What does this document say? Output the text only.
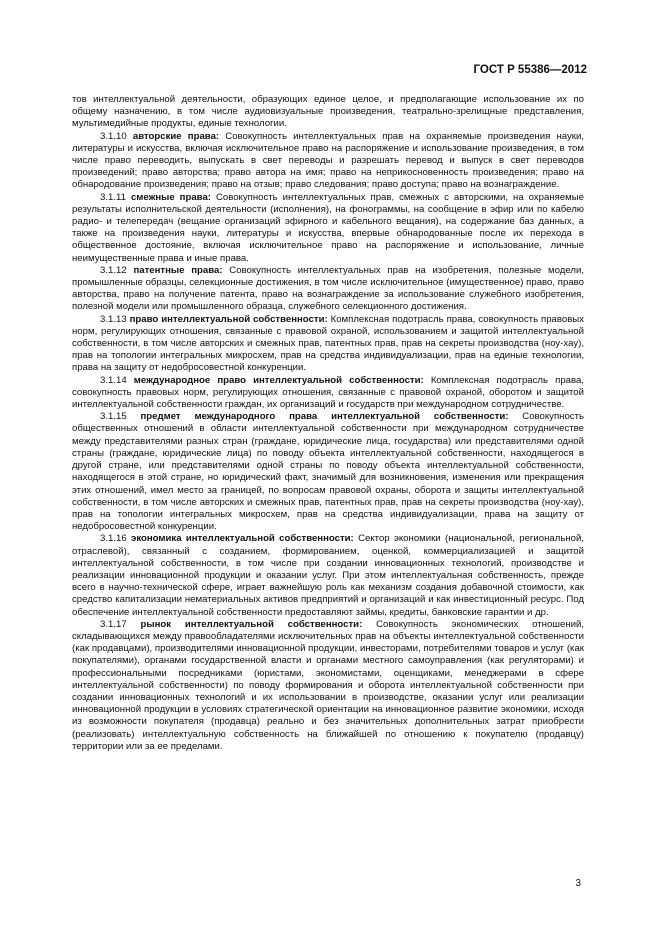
ГОСТ Р 55386—2012

тов интеллектуальной деятельности, образующих единое целое, и предполагающие использование их по общему назначению, в том числе аудиовизуальные произведения, театрально-зрелищные представления, мультимедийные продукты, единые технологии.

3.1.10 авторские права: Совокупность интеллектуальных прав на охраняемые произведения науки, литературы и искусства, включая исключительное право на распоряжение и использование произведения, в том числе право переводить, выпускать в свет переводы и разрешать перевод и выпуск в свет переводов произведений; право авторства; право автора на имя; право на неприкосновенность произведения; право на обнародование произведения; право на отзыв; право следования; право доступа; право на вознаграждение.

3.1.11 смежные права: Совокупность интеллектуальных прав, смежных с авторскими, на охраняемые результаты исполнительской деятельности (исполнения), на фонограммы, на сообщение в эфир или по кабелю радио- и телепередач (вещание организаций эфирного и кабельного вещания), на содержание баз данных, а также на произведения науки, литературы и искусства, впервые обнародованные после их перехода в общественное достояние, включая исключительное право на распоряжение и использование, личные неимущественные права и иные права.

3.1.12 патентные права: Совокупность интеллектуальных прав на изобретения, полезные модели, промышленные образцы, селекционные достижения, в том числе исключительное (имущественное) право, право авторства, право на получение патента, право на вознаграждение за использование служебного изобретения, полезной модели или промышленного образца, служебного селекционного достижения.

3.1.13 право интеллектуальной собственности: Комплексная подотрасль права, совокупность правовых норм, регулирующих отношения, связанные с правовой охраной, использованием и защитой интеллектуальной собственности, в том числе авторских и смежных прав, патентных прав, прав на секреты производства (ноу-хау), прав на топологии интегральных микросхем, прав на средства индивидуализации, прав на единые технологии, права на защиту от недобросовестной конкуренции.

3.1.14 международное право интеллектуальной собственности: Комплексная подотрасль права, совокупность правовых норм, регулирующих отношения, связанные с правовой охраной, оборотом и защитой интеллектуальной собственности граждан, их организаций и государств при международном сотрудничестве.

3.1.15 предмет международного права интеллектуальной собственности: Совокупность общественных отношений в области интеллектуальной собственности при международном сотрудничестве между представителями разных стран (граждане, юридические лица, государства) или представителями одной страны (граждане, юридические лица) по поводу объекта интеллектуальной собственности, находящегося в другой стране, или представителями одной страны по поводу объекта интеллектуальной собственности, находящегося в этой стране, но юридический факт, значимый для возникновения, изменения или прекращения этих отношений, имел место за границей, по вопросам правовой охраны, оборота и защиты интеллектуальной собственности, в том числе авторских и смежных прав, патентных прав, прав на секреты производства (ноу-хау), прав на топологии интегральных микросхем, прав на средства индивидуализации, права на защиту от недобросовестной конкуренции.

3.1.16 экономика интеллектуальной собственности: Сектор экономики (национальной, региональной, отраслевой), связанный с созданием, формированием, оценкой, коммерциализацией и защитой интеллектуальной собственности, в том числе при создании инновационных технологий, производстве и реализации инновационной продукции и оказании услуг. При этом интеллектуальная собственность, прежде всего в научно-технической сфере, играет важнейшую роль как механизм создания добавочной стоимости, как средство капитализации нематериальных активов предприятий и организаций и как инвестиционный ресурс. Под обеспечение интеллектуальной собственности предоставляют займы, кредиты, банковские гарантии и др.

3.1.17 рынок интеллектуальной собственности: Совокупность экономических отношений, складывающихся между правообладателями исключительных прав на объекты интеллектуальной собственности (как продавцами), производителями инновационной продукции, инвесторами, потребителями товаров и услуг (как покупателями), органами государственной власти и органами местного самоуправления (как регуляторами) и профессиональными посредниками (юристами, экономистами, оценщиками, менеджерами в сфере интеллектуальной собственности) по поводу формирования и оборота интеллектуальной собственности при создании инновационных технологий и их использовании в производстве, оказании услуг или реализации инновационной продукции в условиях стратегической ориентации на инновационное развитие экономики, исходя из возможности покупателя (продавца) реально и без значительных дополнительных затрат приобрести (реализовать) интеллектуальную собственность на ближайшей по отношению к покупателю (продавцу) территории или за ее пределами.

3
